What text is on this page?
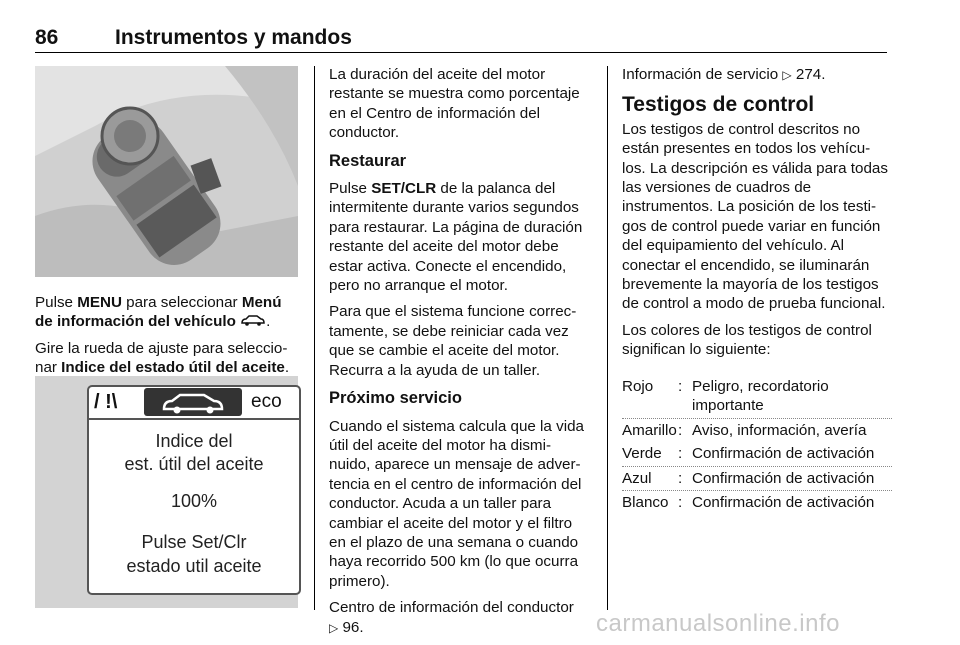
86	Instrumentos y mandos

Pulse MENU para seleccionar Menú de información del vehículo .

Gire la rueda de ajuste para seleccio‐nar Indice del estado útil del aceite.

/ !\	eco
Indice del
est. útil del aceite
100%
Pulse Set/Clr
estado util aceite

La duración del aceite del motor restante se muestra como porcentaje en el Centro de información del conductor.

Restaurar

Pulse SET/CLR de la palanca del intermitente durante varios segundos para restaurar. La página de duración restante del aceite del motor debe estar activa. Conecte el encendido, pero no arranque el motor.

Para que el sistema funcione correc‐tamente, se debe reiniciar cada vez que se cambie el aceite del motor. Recurra a la ayuda de un taller.

Próximo servicio

Cuando el sistema calcula que la vida útil del aceite del motor ha dismi‐nuido, aparece un mensaje de adver‐tencia en el centro de información del conductor. Acuda a un taller para cambiar el aceite del motor y el filtro en el plazo de una semana o cuando haya recorrido 500 km (lo que ocurra primero).

Centro de información del conductor
▷ 96.

Información de servicio ▷ 274.

Testigos de control

Los testigos de control descritos no están presentes en todos los vehícu‐los. La descripción es válida para todas las versiones de cuadros de instrumentos. La posición de los testi‐gos de control puede variar en función del equipamiento del vehículo. Al conectar el encendido, se iluminarán brevemente la mayoría de los testigos de control a modo de prueba funcional.

Los colores de los testigos de control significan lo siguiente:

Rojo	: Peligro, recordatorio importante
Amarillo : Aviso, información, avería
Verde	: Confirmación de activación
Azul	: Confirmación de activación
Blanco : Confirmación de activación
carmanualsonline.info
